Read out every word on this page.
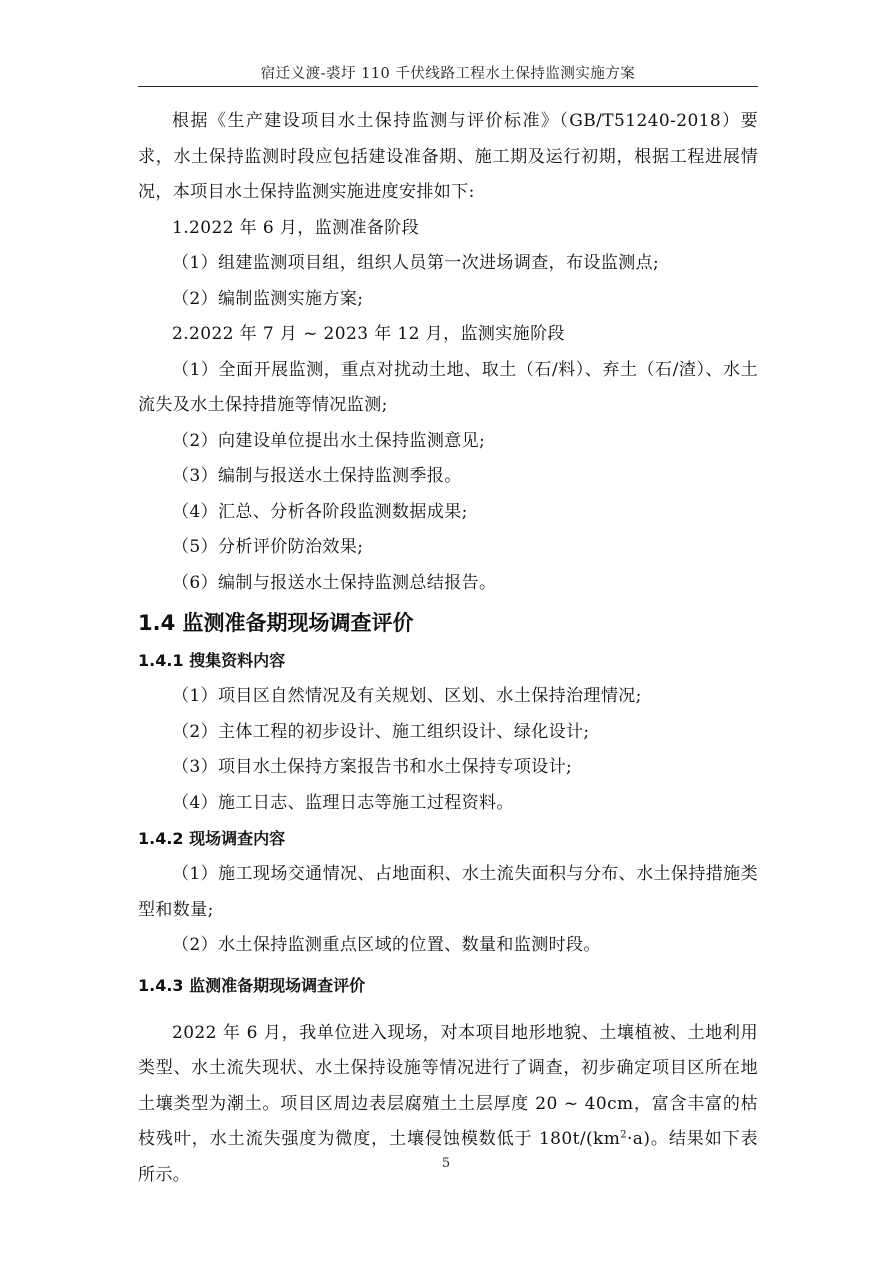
宿迁义渡-裘圩 110 千伏线路工程水土保持监测实施方案

根据《生产建设项目水土保持监测与评价标准》（GB/T51240-2018）要求，水土保持监测时段应包括建设准备期、施工期及运行初期，根据工程进展情况，本项目水土保持监测实施进度安排如下:

1.2022 年 6 月，监测准备阶段

（1）组建监测项目组，组织人员第一次进场调查，布设监测点;

（2）编制监测实施方案;

2.2022 年 7 月 ~ 2023 年 12 月，监测实施阶段

（1）全面开展监测，重点对扰动土地、取土（石/料）、弃土（石/渣）、水土流失及水土保持措施等情况监测;

（2）向建设单位提出水土保持监测意见;

（3）编制与报送水土保持监测季报。

（4）汇总、分析各阶段监测数据成果;

（5）分析评价防治效果;

（6）编制与报送水土保持监测总结报告。

1.4 监测准备期现场调查评价
1.4.1 搜集资料内容

（1）项目区自然情况及有关规划、区划、水土保持治理情况;

（2）主体工程的初步设计、施工组织设计、绿化设计;

（3）项目水土保持方案报告书和水土保持专项设计;

（4）施工日志、监理日志等施工过程资料。

1.4.2 现场调查内容

（1）施工现场交通情况、占地面积、水土流失面积与分布、水土保持措施类型和数量;

（2）水土保持监测重点区域的位置、数量和监测时段。

1.4.3 监测准备期现场调查评价

2022 年 6 月，我单位进入现场，对本项目地形地貌、土壤植被、土地利用类型、水土流失现状、水土保持设施等情况进行了调查，初步确定项目区所在地土壤类型为潮土。项目区周边表层腐殖土土层厚度 20 ~ 40cm，富含丰富的枯枝残叶，水土流失强度为微度，土壤侵蚀模数低于 $180t/(km^2\cdot a)$。结果如下表所示。

5
